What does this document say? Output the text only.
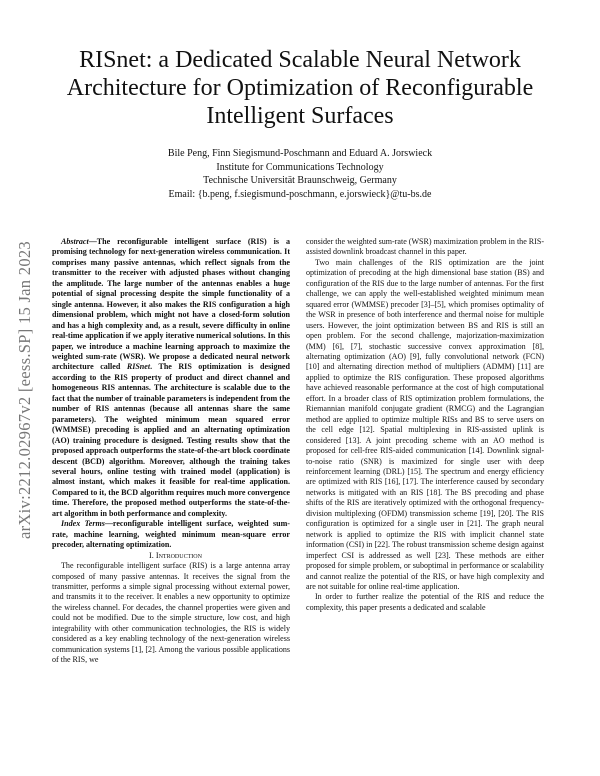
arXiv:2212.02967v2 [eess.SP] 15 Jan 2023
RISnet: a Dedicated Scalable Neural Network Architecture for Optimization of Reconfigurable Intelligent Surfaces
Bile Peng, Finn Siegismund-Poschmann and Eduard A. Jorswieck
Institute for Communications Technology
Technische Universität Braunschweig, Germany
Email: {b.peng, f.siegismund-poschmann, e.jorswieck}@tu-bs.de

Abstract—The reconfigurable intelligent surface (RIS) is a promising technology for next-generation wireless communication. It comprises many passive antennas, which reflect signals from the transmitter to the receiver with adjusted phases without changing the amplitude. The large number of the antennas enables a huge potential of signal processing despite the simple functionality of a single antenna. However, it also makes the RIS configuration a high dimensional problem, which might not have a closed-form solution and has a high complexity and, as a result, severe difficulty in online real-time application if we apply iterative numerical solutions. In this paper, we introduce a machine learning approach to maximize the weighted sum-rate (WSR). We propose a dedicated neural network architecture called RISnet. The RIS optimization is designed according to the RIS property of product and direct channel and homogeneous RIS antennas. The architecture is scalable due to the fact that the number of trainable parameters is independent from the number of RIS antennas (because all antennas share the same parameters). The weighted minimum mean squared error (WMMSE) precoding is applied and an alternating optimization (AO) training procedure is designed. Testing results show that the proposed approach outperforms the state-of-the-art block coordinate descent (BCD) algorithm. Moreover, although the training takes several hours, online testing with trained model (application) is almost instant, which makes it feasible for real-time application. Compared to it, the BCD algorithm requires much more convergence time. Therefore, the proposed method outperforms the state-of-the-art algorithm in both performance and complexity.

Index Terms—reconfigurable intelligent surface, weighted sum-rate, machine learning, weighted minimum mean-square error precoder, alternating optimization.

I. Introduction

The reconfigurable intelligent surface (RIS) is a large antenna array composed of many passive antennas. It receives the signal from the transmitter, performs a simple signal processing without external power, and transmits it to the receiver. It enables a new opportunity to optimize the wireless channel. For decades, the channel properties were given and could not be modified. Due to the simple structure, low cost, and high integrability with other communication technologies, the RIS is widely considered as a key enabling technology of the next-generation wireless communication systems [1], [2]. Among the various possible applications of the RIS, we

consider the weighted sum-rate (WSR) maximization problem in the RIS-assisted downlink broadcast channel in this paper.

Two main challenges of the RIS optimization are the joint optimization of precoding at the high dimensional base station (BS) and configuration of the RIS due to the large number of antennas. For the first challenge, we can apply the well-established weighted minimum mean squared error (WMMSE) precoder [3]–[5], which promises optimality of the WSR in presence of both interference and thermal noise for multiple users. However, the joint optimization between BS and RIS is still an open problem. For the second challenge, majorization-maximization (MM) [6], [7], stochastic successive convex approximation [8], alternating optimization (AO) [9], fully convolutional network (FCN) [10] and alternating direction method of multipliers (ADMM) [11] are applied to optimize the RIS configuration. These proposed algorithms have achieved reasonable performance at the cost of high computational effort. In a broader class of RIS optimization problem formulations, the Riemannian manifold conjugate gradient (RMCG) and the Lagrangian method are applied to optimize multiple RISs and BS to serve users on the cell edge [12]. Spatial multiplexing in RIS-assisted uplink is considered [13]. A joint precoding scheme with an AO method is proposed for cell-free RIS-aided communication [14]. Downlink signal-to-noise ratio (SNR) is maximized for single user with deep reinforcement learning (DRL) [15]. The spectrum and energy efficiency are optimized with RIS [16], [17]. The interference caused by secondary networks is mitigated with an RIS [18]. The BS precoding and phase shifts of the RIS are iteratively optimized with the orthogonal frequency-division multiplexing (OFDM) transmission scheme [19], [20]. The RIS configuration is optimized for a single user in [21]. The graph neural network is applied to optimize the RIS with implicit channel state information (CSI) in [22]. The robust transmission scheme design against imperfect CSI is addressed as well [23]. These methods are either proposed for simple problem, or suboptimal in performance or scalability and cannot realize the potential of the RIS, or have high complexity and are not suitable for online real-time application.

In order to further realize the potential of the RIS and reduce the complexity, this paper presents a dedicated and scalable
